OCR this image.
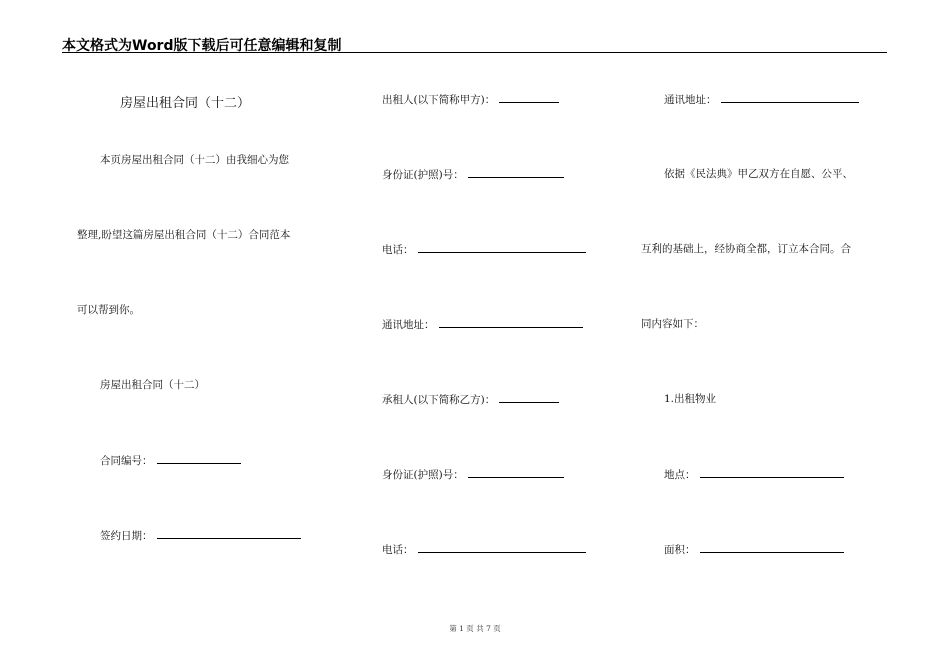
本文格式为Word版下载后可任意编辑和复制
房屋出租合同（十二）
本页房屋出租合同（十二）由我细心为您
整理,盼望这篇房屋出租合同（十二）合同范本
可以帮到你。
房屋出租合同（十二）
合同编号：
签约日期：
出租人(以下简称甲方)：
身份证(护照)号：
电话：
通讯地址：
承租人(以下简称乙方)：
身份证(护照)号：
电话：
通讯地址：
依据《民法典》甲乙双方在自愿、公平、
互利的基础上，经协商全都，订立本合同。合
同内容如下：
1.出租物业
地点：
面积：
第 1 页 共 7 页
